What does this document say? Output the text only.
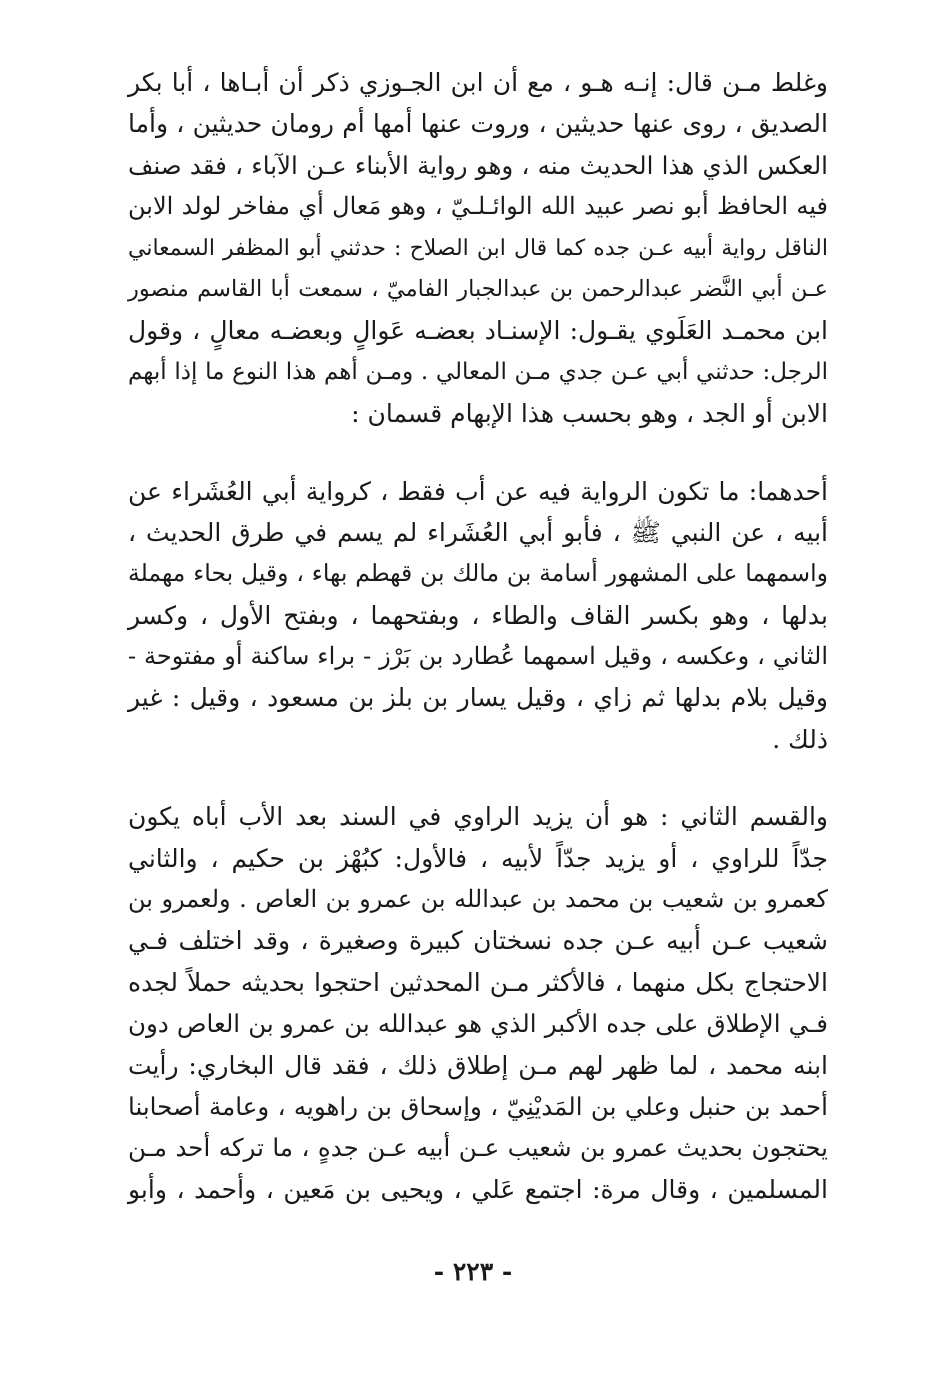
وغلط مـن قال: إنـه هـو ، مع أن ابن الجـوزي ذكر أن أبـاها ، أبا بكر
الصديق ، روى عنها حديثين ، وروت عنها أمها أم رومان حديثين ، وأما
العكس الذي هذا الحديث منه ، وهو رواية الأبناء عـن الآباء ، فقد صنف
فيه الحافظ أبو نصر عبيد الله الوائـلـيّ ، وهو مَعال أي مفاخر لولد الابن
الناقل رواية أبيه عـن جده كما قال ابن الصلاح : حدثني أبو المظفر السمعاني
عـن أبي النَّضر عبدالرحمن بن عبدالجبار الفاميّ ، سمعت أبا القاسم منصور
ابن محمـد العَلَوي يقـول: الإسنـاد بعضـه عَوالٍ وبعضـه معالٍ ، وقول
الرجل: حدثني أبي عـن جدي مـن المعالي . ومـن أهم هذا النوع ما إذا أبهم
الابن أو الجد ، وهو بحسب هذا الإبهام قسمان :
أحدهما: ما تكون الرواية فيه عن أب فقط ، كرواية أبي العُشَراء عن
أبيه ، عن النبي ﷺ ، فأبو أبي العُشَراء لم يسم في طرق الحديث ،
واسمهما على المشهور أسامة بن مالك بن قهطم بهاء ، وقيل بحاء مهملة
بدلها ، وهو بكسر القاف والطاء ، وبفتحهما ، وبفتح الأول ، وكسر
الثاني ، وعكسه ، وقيل اسمهما عُطارد بن بَرْز - براء ساكنة أو مفتوحة -
وقيل بلام بدلها ثم زاي ، وقيل يسار بن بلز بن مسعود ، وقيل : غير
ذلك .
والقسم الثاني : هو أن يزيد الراوي في السند بعد الأب أباه يكون
جدّاً للراوي ، أو يزيد جدّاً لأبيه ، فالأول: كبُهْز بن حكيم ، والثاني
كعمرو بن شعيب بن محمد بن عبدالله بن عمرو بن العاص . ولعمرو بن
شعيب عـن أبيه عـن جده نسختان كبيرة وصغيرة ، وقد اختلف فـي
الاحتجاج بكل منهما ، فالأكثر مـن المحدثين احتجوا بحديثه حملاً لجده
فـي الإطلاق على جده الأكبر الذي هو عبدالله بن عمرو بن العاص دون
ابنه محمد ، لما ظهر لهم مـن إطلاق ذلك ، فقد قال البخاري: رأيت
أحمد بن حنبل وعلي بن المَديْنِيّ ، وإسحاق بن راهويه ، وعامة أصحابنا
يحتجون بحديث عمرو بن شعيب عـن أبيه عـن جدهٍ ، ما تركه أحد مـن
المسلمين ، وقال مرة: اجتمع عَلي ، ويحيى بن مَعين ، وأحمد ، وأبو
- ٢٢٣ -
